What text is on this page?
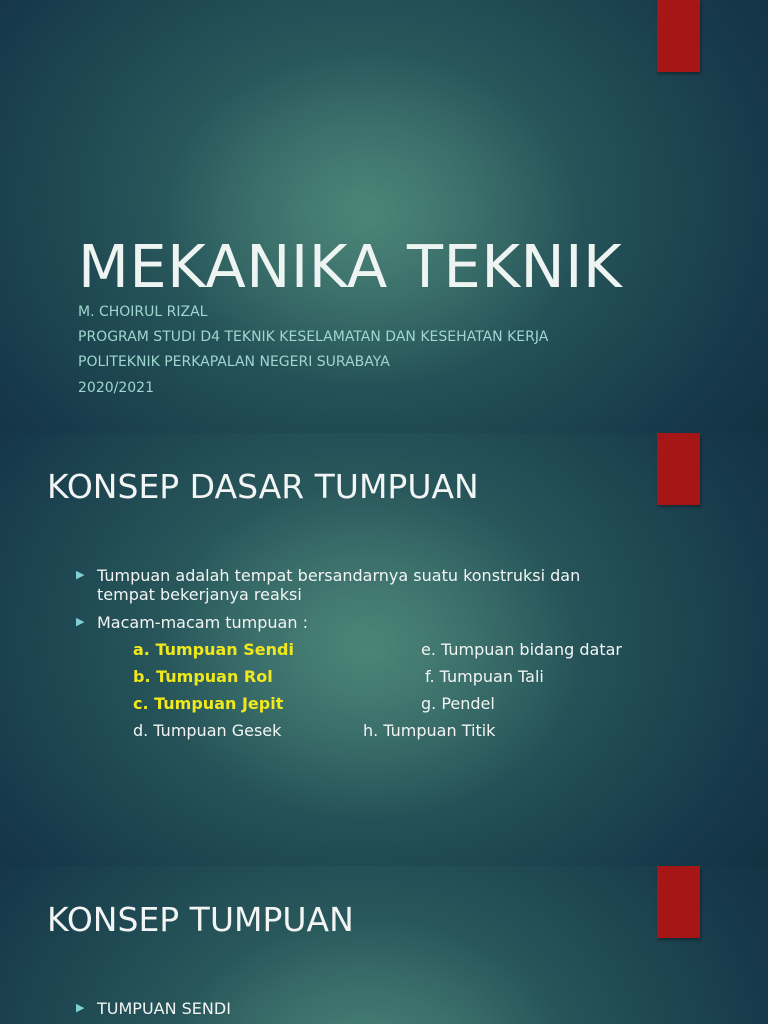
MEKANIKA TEKNIK

M. CHOIRUL RIZAL

PROGRAM STUDI D4 TEKNIK KESELAMATAN DAN KESEHATAN KERJA

POLITEKNIK PERKAPALAN NEGERI SURABAYA

2020/2021

KONSEP DASAR TUMPUAN
▶ Tumpuan adalah tempat bersandarnya suatu konstruksi dan

tempat bekerjanya reaksi

▶ Macam-macam tumpuan :

a. Tumpuan Sendi	e. Tumpuan bidang datar

b. Tumpuan Rol	f. Tumpuan Tali

c. Tumpuan Jepit	g. Pendel

d. Tumpuan Gesek	h. Tumpuan Titik

KONSEP TUMPUAN
▶ TUMPUAN SENDI
